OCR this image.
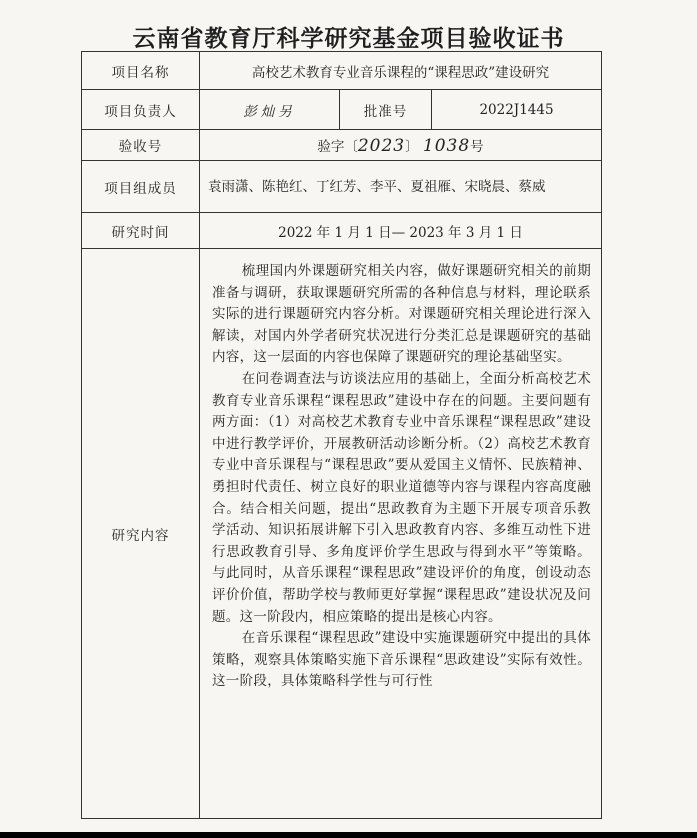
云南省教育厅科学研究基金项目验收证书
项目名称	高校艺术教育专业音乐课程的“课程思政”建设研究		
项目负责人	彭灿另	批准号	2022J1445
验收号	验字〔2023〕 1038号		
项目组成员	袁雨潇、陈艳红、丁红芳、李平、夏祖雁、宋晓晨、蔡威		
研究时间	2022 年 1 月 1 日— 2023 年 3 月 1 日		
研究内容	梳理国内外课题研究相关内容，做好课题研究相关的前期准备与调研，获取课题研究所需的各种信息与材料，理论联系实际的进行课题研究内容分析。对课题研究相关理论进行深入解读，对国内外学者研究状况进行分类汇总是课题研究的基础内容，这一层面的内容也保障了课题研究的理论基础坚实。

在问卷调查法与访谈法应用的基础上，全面分析高校艺术教育专业音乐课程“课程思政”建设中存在的问题。主要问题有两方面：（1）对高校艺术教育专业中音乐课程“课程思政”建设中进行教学评价，开展教研活动诊断分析。（2）高校艺术教育专业中音乐课程与“课程思政”要从爱国主义情怀、民族精神、勇担时代责任、树立良好的职业道德等内容与课程内容高度融合。结合相关问题，提出“思政教育为主题下开展专项音乐教学活动、知识拓展讲解下引入思政教育内容、多维互动性下进行思政教育引导、多角度评价学生思政与得到水平”等策略。与此同时，从音乐课程“课程思政”建设评价的角度，创设动态评价价值，帮助学校与教师更好掌握“课程思政”建设状况及问题。这一阶段内，相应策略的提出是核心内容。

在音乐课程“课程思政”建设中实施课题研究中提出的具体策略，观察具体策略实施下音乐课程“思政建设”实际有效性。这一阶段，具体策略科学性与可行性		
